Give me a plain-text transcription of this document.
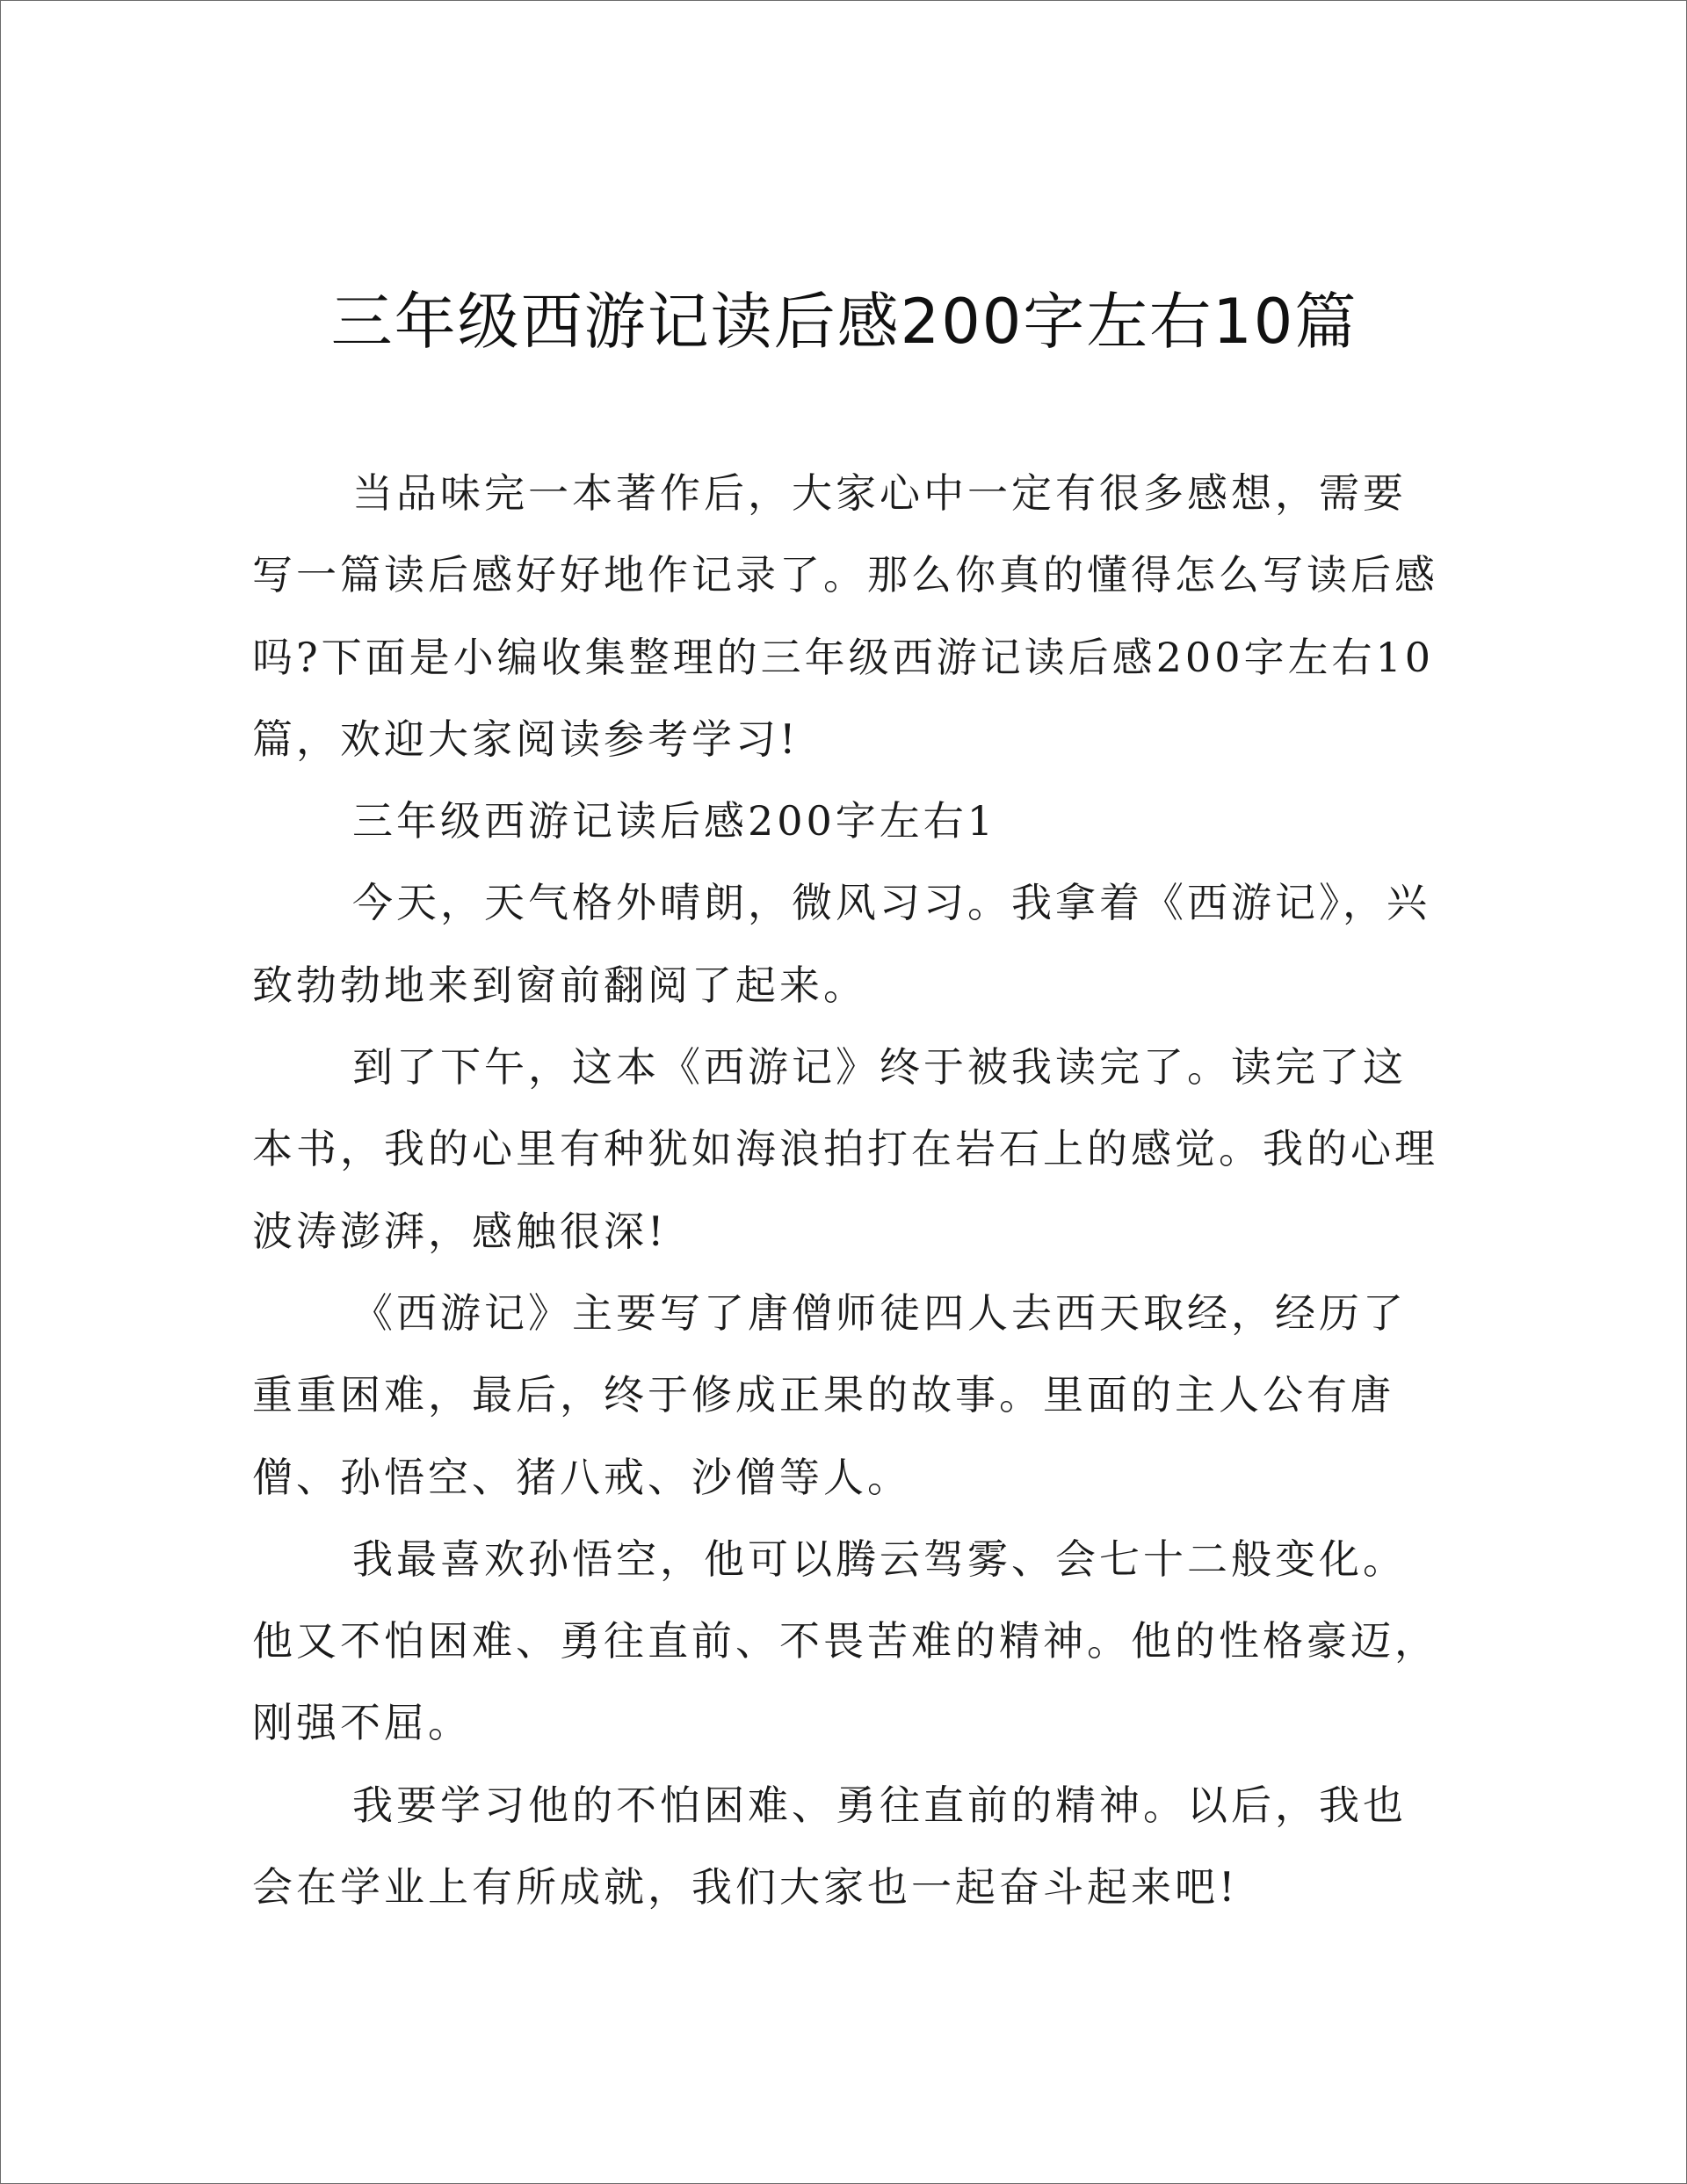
三年级西游记读后感200字左右10篇

当品味完一本著作后，大家心中一定有很多感想，需要写一篇读后感好好地作记录了。那么你真的懂得怎么写读后感吗?下面是小编收集整理的三年级西游记读后感200字左右10篇，欢迎大家阅读参考学习!

三年级西游记读后感200字左右1

今天，天气格外晴朗，微风习习。我拿着《西游记》，兴致勃勃地来到窗前翻阅了起来。

到了下午，这本《西游记》终于被我读完了。读完了这本书，我的心里有种犹如海浪拍打在岩石上的感觉。我的心理波涛澎湃，感触很深!

《西游记》主要写了唐僧师徒四人去西天取经，经历了重重困难，最后，终于修成正果的故事。里面的主人公有唐僧、孙悟空、猪八戒、沙僧等人。

我最喜欢孙悟空，他可以腾云驾雾、会七十二般变化。他又不怕困难、勇往直前、不畏苦难的精神。他的性格豪迈，刚强不屈。

我要学习他的不怕困难、勇往直前的精神。以后，我也会在学业上有所成就，我们大家也一起奋斗起来吧!
